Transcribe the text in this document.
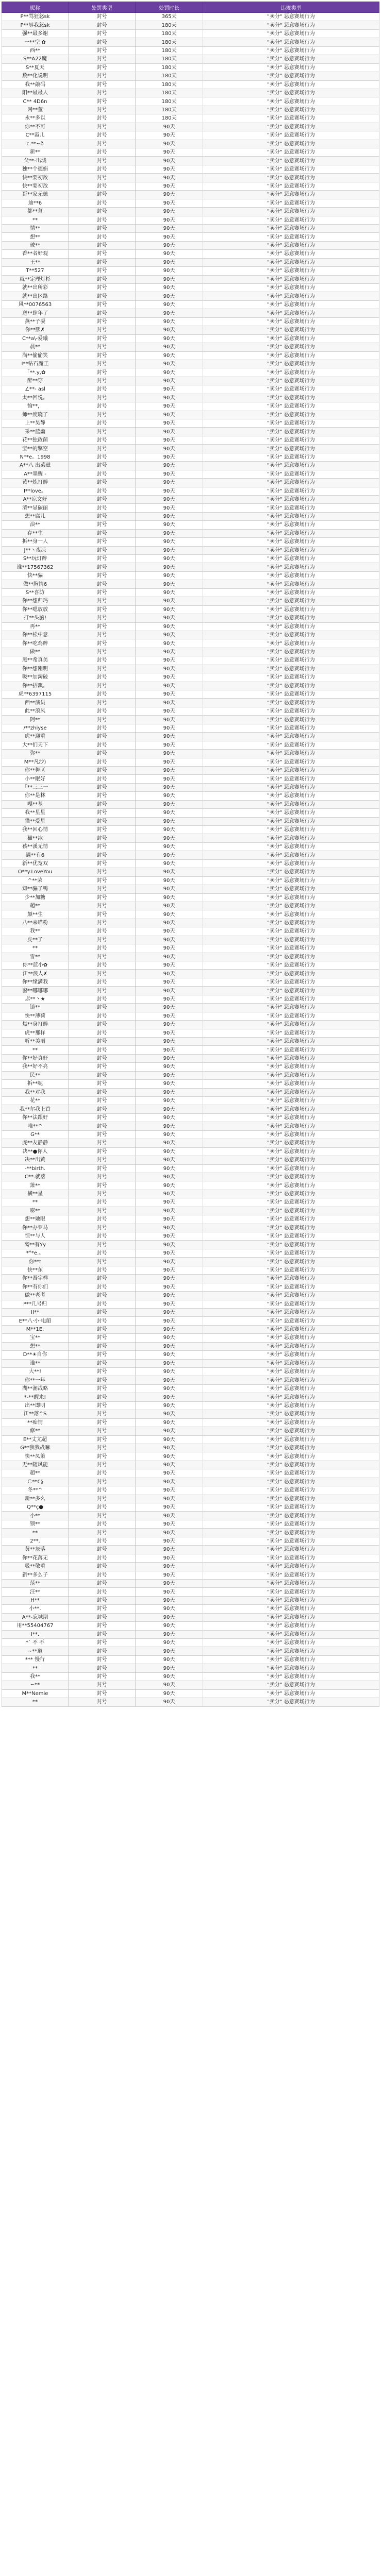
昵称	处罚类型	处罚时长	违规类型
P**骂狂怒sk	封号	365天	"卖分" 恶意赛场行为
P**辱我怒sk	封号	180天	"卖分" 恶意赛场行为
强**最多谢	封号	180天	"卖分" 恶意赛场行为
一**空 ✿	封号	180天	"卖分" 恶意赛场行为
西**	封号	180天	"卖分" 恶意赛场行为
S**A22魔	封号	180天	"卖分" 恶意赛场行为
S**夏天	封号	180天	"卖分" 恶意赛场行为
数**化说明	封号	180天	"卖分" 恶意赛场行为
我**敲码	封号	180天	"卖分" 恶意赛场行为
阳**最最人	封号	180天	"卖分" 恶意赛场行为
C** 4D6n	封号	180天	"卖分" 恶意赛场行为
网**董	封号	180天	"卖分" 恶意赛场行为
永**多以	封号	180天	"卖分" 恶意赛场行为
你**不可	封号	90天	"卖分" 恶意赛场行为
C**霞儿	封号	90天	"卖分" 恶意赛场行为
c.**~ð	封号	90天	"卖分" 恶意赛场行为
新**	封号	90天	"卖分" 恶意赛场行为
父**-出城	封号	90天	"卖分" 恶意赛场行为
独**个德娟	封号	90天	"卖分" 恶意赛场行为
快**要初敌	封号	90天	"卖分" 恶意赛场行为
快**要初敌	封号	90天	"卖分" 恶意赛场行为
哥**家无德	封号	90天	"卖分" 恶意赛场行为
迪**6	封号	90天	"卖分" 恶意赛场行为
都**慕	封号	90天	"卖分" 恶意赛场行为
**	封号	90天	"卖分" 恶意赛场行为
情**	封号	90天	"卖分" 恶意赛场行为
想**	封号	90天	"卖分" 恶意赛场行为
玻**	封号	90天	"卖分" 恶意赛场行为
香**者好观	封号	90天	"卖分" 恶意赛场行为
王**	封号	90天	"卖分" 恶意赛场行为
T**527	封号	90天	"卖分" 恶意赛场行为
就**定理灯杉	封号	90天	"卖分" 恶意赛场行为
就**出所彩	封号	90天	"卖分" 恶意赛场行为
就**出区路	封号	90天	"卖分" 恶意赛场行为
风**0076563	封号	90天	"卖分" 恶意赛场行为
送**肆年了	封号	90天	"卖分" 恶意赛场行为
燕**子凝	封号	90天	"卖分" 恶意赛场行为
你**熙✗	封号	90天	"卖分" 恶意赛场行为
C**a\-爱曦	封号	90天	"卖分" 恶意赛场行为
晨**	封号	90天	"卖分" 恶意赛场行为
满**偷偷笑	封号	90天	"卖分" 恶意赛场行为
I**钻石魔王	封号	90天	"卖分" 恶意赛场行为
「**.y,✿	封号	90天	"卖分" 恶意赛场行为
醉**穿	封号	90天	"卖分" 恶意赛场行为
∠**- asl	封号	90天	"卖分" 恶意赛场行为
太**回悦。	封号	90天	"卖分" 恶意赛场行为
愉**，	封号	90天	"卖分" 恶意赛场行为
师**度晓了	封号	90天	"卖分" 恶意赛场行为
上**昊静	封号	90天	"卖分" 恶意赛场行为
采**蓝幽	封号	90天	"卖分" 恶意赛场行为
花**独政菌	封号	90天	"卖分" 恶意赛场行为
宝**的擎空	封号	90天	"卖分" 恶意赛场行为
N**e。1998	封号	90天	"卖分" 恶意赛场行为
A**八 出菜磁	封号	90天	"卖分" 恶意赛场行为
A**墨醒 -	封号	90天	"卖分" 恶意赛场行为
黄**炼打醉	封号	90天	"卖分" 恶意赛场行为
I**love。	封号	90天	"卖分" 恶意赛场行为
A**凉文好	封号	90天	"卖分" 恶意赛场行为
渣**显碳丽	封号	90天	"卖分" 恶意赛场行为
想**腐儿	封号	90天	"卖分" 恶意赛场行为
浪**	封号	90天	"卖分" 恶意赛场行为
存**生	封号	90天	"卖分" 恶意赛场行为
拆**身一人	封号	90天	"卖分" 恶意赛场行为
J**丶夜凉	封号	90天	"卖分" 恶意赛场行为
S**玩灯醉	封号	90天	"卖分" 恶意赛场行为
谁**17567362	封号	90天	"卖分" 恶意赛场行为
快**骗	封号	90天	"卖分" 恶意赛场行为
做**胸情6	封号	90天	"卖分" 恶意赛场行为
S**喜防	封号	90天	"卖分" 恶意赛场行为
你**想归玛	封号	90天	"卖分" 恶意赛场行为
你**嗯放放	封号	90天	"卖分" 恶意赛场行为
打**头脑!	封号	90天	"卖分" 恶意赛场行为
再**	封号	90天	"卖分" 恶意赛场行为
你**松中意	封号	90天	"卖分" 恶意赛场行为
你**吃鸡醉	封号	90天	"卖分" 恶意赛场行为
做**	封号	90天	"卖分" 恶意赛场行为
黑**希真美	封号	90天	"卖分" 恶意赛场行为
你**想刚明	封号	90天	"卖分" 恶意赛场行为
吸**加淘破	封号	90天	"卖分" 恶意赛场行为
你**招飘。	封号	90天	"卖分" 恶意赛场行为
虎**6397115	封号	90天	"卖分" 恶意赛场行为
西**演员	封号	90天	"卖分" 恶意赛场行为
此**浪风	封号	90天	"卖分" 恶意赛场行为
阿**	封号	90天	"卖分" 恶意赛场行为
/**zhiyse	封号	90天	"卖分" 恶意赛场行为
虎**迎重	封号	90天	"卖分" 恶意赛场行为
大**们天下	封号	90天	"卖分" 恶意赛场行为
弥**	封号	90天	"卖分" 恶意赛场行为
M**凡沙)	封号	90天	"卖分" 恶意赛场行为
你**舞区	封号	90天	"卖分" 恶意赛场行为
小**眠好	封号	90天	"卖分" 恶意赛场行为
「**三三一	封号	90天	"卖分" 恶意赛场行为
你**是林	封号	90天	"卖分" 恶意赛场行为
嘎**基	封号	90天	"卖分" 恶意赛场行为
我**星星	封号	90天	"卖分" 恶意赛场行为
猫**爱星	封号	90天	"卖分" 恶意赛场行为
我**回心情	封号	90天	"卖分" 恶意赛场行为
猫**冰	封号	90天	"卖分" 恶意赛场行为
孩**溪无情	封号	90天	"卖分" 恶意赛场行为
遇**有6	封号	90天	"卖分" 恶意赛场行为
新**优宽双	封号	90天	"卖分" 恶意赛场行为
O**y.LoveYou	封号	90天	"卖分" 恶意赛场行为
^**荣	封号	90天	"卖分" 恶意赛场行为
知**骗了鸭	封号	90天	"卖分" 恶意赛场行为
少**加糖	封号	90天	"卖分" 恶意赛场行为
超**	封号	90天	"卖分" 恶意赛场行为
颠**生	封号	90天	"卖分" 恶意赛场行为
八**来喵粉	封号	90天	"卖分" 恶意赛场行为
我**	封号	90天	"卖分" 恶意赛场行为
皮**了	封号	90天	"卖分" 恶意赛场行为
**	封号	90天	"卖分" 恶意赛场行为
雪**	封号	90天	"卖分" 恶意赛场行为
你**蓝小✿	封号	90天	"卖分" 恶意赛场行为
江**浪人✗	封号	90天	"卖分" 恶意赛场行为
你**缘满我	封号	90天	"卖分" 恶意赛场行为
窗**哪哪哪	封号	90天	"卖分" 恶意赛场行为
ぷ**丶★	封号	90天	"卖分" 恶意赛场行为
镜**	封号	90天	"卖分" 恶意赛场行为
快**薄荷	封号	90天	"卖分" 恶意赛场行为
焦**身打醉	封号	90天	"卖分" 恶意赛场行为
虎**那样	封号	90天	"卖分" 恶意赛场行为
听**美丽	封号	90天	"卖分" 恶意赛场行为
**	封号	90天	"卖分" 恶意赛场行为
你**好真好	封号	90天	"卖分" 恶意赛场行为
我**好不亮	封号	90天	"卖分" 恶意赛场行为
民**	封号	90天	"卖分" 恶意赛场行为
拆**呢	封号	90天	"卖分" 恶意赛场行为
我**对我	封号	90天	"卖分" 恶意赛场行为
花**	封号	90天	"卖分" 恶意赛场行为
我**尔我上首	封号	90天	"卖分" 恶意赛场行为
你**法跟好	封号	90天	"卖分" 恶意赛场行为
唯**^	封号	90天	"卖分" 恶意赛场行为
G**	封号	90天	"卖分" 恶意赛场行为
虎**友静静	封号	90天	"卖分" 恶意赛场行为
决**●你人	封号	90天	"卖分" 恶意赛场行为
决**出黄	封号	90天	"卖分" 恶意赛场行为
-**birth.	封号	90天	"卖分" 恶意赛场行为
C**.就落	封号	90天	"卖分" 恶意赛场行为
箫**	封号	90天	"卖分" 恶意赛场行为
横**星	封号	90天	"卖分" 恶意赛场行为
**	封号	90天	"卖分" 恶意赛场行为
嘭**	封号	90天	"卖分" 恶意赛场行为
想**她眼	封号	90天	"卖分" 恶意赛场行为
你**办亚马	封号	90天	"卖分" 恶意赛场行为
惊**与人	封号	90天	"卖分" 恶意赛场行为
离**有Yy	封号	90天	"卖分" 恶意赛场行为
*°*e.。	封号	90天	"卖分" 恶意赛场行为
你**t	封号	90天	"卖分" 恶意赛场行为
快**东	封号	90天	"卖分" 恶意赛场行为
你**吾字样	封号	90天	"卖分" 恶意赛场行为
你**有你们	封号	90天	"卖分" 恶意赛场行为
做**老考	封号	90天	"卖分" 恶意赛场行为
P**几号归	封号	90天	"卖分" 恶意赛场行为
II**	封号	90天	"卖分" 恶意赛场行为
E**八·小·电船	封号	90天	"卖分" 恶意赛场行为
M**1E.	封号	90天	"卖分" 恶意赛场行为
宝**	封号	90天	"卖分" 恶意赛场行为
想**	封号	90天	"卖分" 恶意赛场行为
D**☀自你	封号	90天	"卖分" 恶意赛场行为
谁**	封号	90天	"卖分" 恶意赛场行为
大**!	封号	90天	"卖分" 恶意赛场行为
你**一年	封号	90天	"卖分" 恶意赛场行为
湖**潮战略	封号	90天	"卖分" 恶意赛场行为
*-**醒来!	封号	90天	"卖分" 恶意赛场行为
出**即明	封号	90天	"卖分" 恶意赛场行为
江**落^S	封号	90天	"卖分" 恶意赛场行为
**痴情	封号	90天	"卖分" 恶意赛场行为
修**	封号	90天	"卖分" 恶意赛场行为
E**丈尤超	封号	90天	"卖分" 恶意赛场行为
G**我我战嘛	封号	90天	"卖分" 恶意赛场行为
快**凤策	封号	90天	"卖分" 恶意赛场行为
无**随风能	封号	90天	"卖分" 恶意赛场行为
超**	封号	90天	"卖分" 恶意赛场行为
Ｃ**€§	封号	90天	"卖分" 恶意赛场行为
冬**^	封号	90天	"卖分" 恶意赛场行为
新**多么	封号	90天	"卖分" 恶意赛场行为
Q**ç●	封号	90天	"卖分" 恶意赛场行为
小**	封号	90天	"卖分" 恶意赛场行为
锁**	封号	90天	"卖分" 恶意赛场行为
**	封号	90天	"卖分" 恶意赛场行为
2**.	封号	90天	"卖分" 恶意赛场行为
黄**灰落	封号	90天	"卖分" 恶意赛场行为
你**花落无	封号	90天	"卖分" 恶意赛场行为
吸**敬重	封号	90天	"卖分" 恶意赛场行为
新**多么子	封号	90天	"卖分" 恶意赛场行为
范**	封号	90天	"卖分" 恶意赛场行为
汪**	封号	90天	"卖分" 恶意赛场行为
H**	封号	90天	"卖分" 恶意赛场行为
小**.	封号	90天	"卖分" 恶意赛场行为
A**-忘城期	封号	90天	"卖分" 恶意赛场行为
用**55404767	封号	90天	"卖分" 恶意赛场行为
I**.	封号	90天	"卖分" 恶意赛场行为
*` 不 不	封号	90天	"卖分" 恶意赛场行为
~**道	封号	90天	"卖分" 恶意赛场行为
*** 慢行	封号	90天	"卖分" 恶意赛场行为
**	封号	90天	"卖分" 恶意赛场行为
我**	封号	90天	"卖分" 恶意赛场行为
~**	封号	90天	"卖分" 恶意赛场行为
M**Nemie	封号	90天	"卖分" 恶意赛场行为
**	封号	90天	"卖分" 恶意赛场行为
